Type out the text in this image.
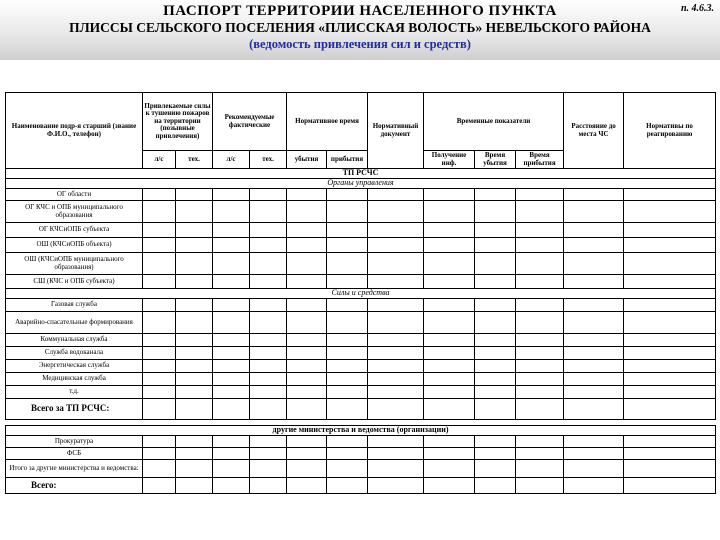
ПАСПОРТ ТЕРРИТОРИИ НАСЕЛЕННОГО ПУНКТА
ПЛИССЫ СЕЛЬСКОГО ПОСЕЛЕНИЯ «ПЛИССКАЯ ВОЛОСТЬ» НЕВЕЛЬСКОГО РАЙОНА
(ведомость привлечения сил и средств)
п. 4.6.3.
Наименование подр-я старший (звание Ф.И.О., телефон)	Привлекаемые силы к тушению пожаров на территории (позывные привлечения)		Рекомендуемые фактические		Нормативное время		Нормативный документ	Временные показатели			Расстояние до места ЧС	Нормативы по реагированию
	л/с	тех.	л/с	тех.	убытия	прибытия		Получение инф.	Время убытия	Время прибытия		
ТП РСЧС												
Органы управления												
ОГ области												
ОГ КЧС и ОПБ муниципального образования												
ОГ КЧСиОПБ субъекта												
ОШ (КЧСиОПБ объекта)												
ОШ (КЧСиОПБ муниципального образования)												
СШ (КЧС и ОПБ субъекта)												
Силы и средства												
Газовая служба												
Аварийно-спасательные формирования												
Коммунальная служба												
Служба водоканала												
Энергетическая служба												
Медицинская служба												
т.д.												
Всего за ТП РСЧС:												

другие министерства и ведомства (организации)												
Прокуратура												
ФСБ												
Итого за другие министерства и ведомства:												
Всего:												
